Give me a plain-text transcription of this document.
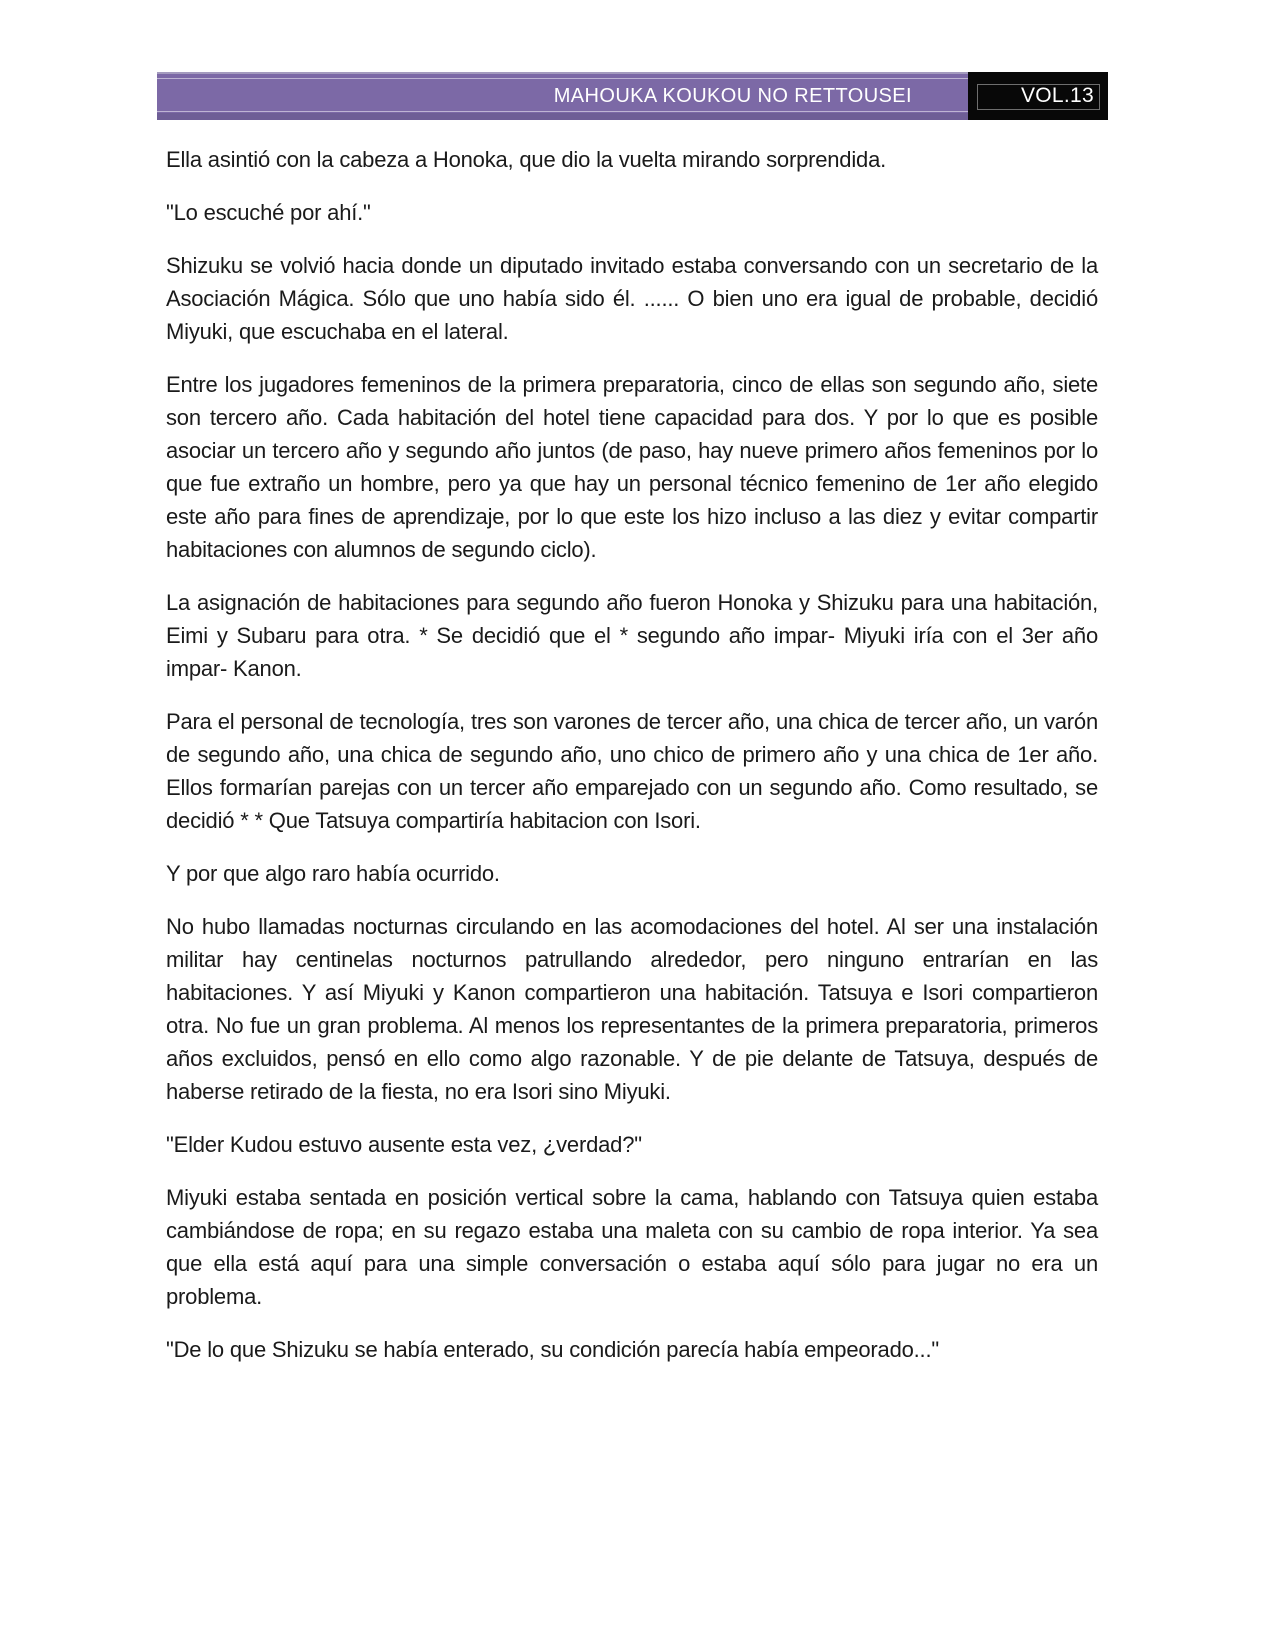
MAHOUKA KOUKOU NO RETTOUSEI	VOL.13

Ella asintió con la cabeza a Honoka, que dio la vuelta mirando sorprendida.

"Lo escuché por ahí."

Shizuku se volvió hacia donde un diputado invitado estaba conversando con un secretario de la Asociación Mágica. Sólo que uno había sido él. ...... O bien uno era igual de probable, decidió Miyuki, que escuchaba en el lateral.

Entre los jugadores femeninos de la primera preparatoria, cinco de ellas son segundo año, siete son tercero año. Cada habitación del hotel tiene capacidad para dos. Y por lo que es posible asociar un tercero año y segundo año juntos (de paso, hay nueve primero años femeninos por lo que fue extraño un hombre, pero ya que hay un personal técnico femenino de 1er año elegido este año para fines de aprendizaje, por lo que este los hizo incluso a las diez y evitar compartir habitaciones con alumnos de segundo ciclo).

La asignación de habitaciones para segundo año fueron Honoka y Shizuku para una habitación, Eimi y Subaru para otra. * Se decidió que el * segundo año impar- Miyuki iría con el 3er año impar- Kanon.

Para el personal de tecnología, tres son varones de tercer año, una chica de tercer año, un varón de segundo año, una chica de segundo año, uno chico de primero año y una chica de 1er año. Ellos formarían parejas con un tercer año emparejado con un segundo año. Como resultado, se decidió * * Que Tatsuya compartiría habitacion con Isori.

Y por que algo raro había ocurrido.

No hubo llamadas nocturnas circulando en las acomodaciones del hotel. Al ser una instalación militar hay centinelas nocturnos patrullando alrededor, pero ninguno entrarían en las habitaciones. Y así Miyuki y Kanon compartieron una habitación. Tatsuya e Isori compartieron otra. No fue un gran problema. Al menos los representantes de la primera preparatoria, primeros años excluidos, pensó en ello como algo razonable. Y de pie delante de Tatsuya, después de haberse retirado de la fiesta, no era Isori sino Miyuki.

"Elder Kudou estuvo ausente esta vez, ¿verdad?"

Miyuki estaba sentada en posición vertical sobre la cama, hablando con Tatsuya quien estaba cambiándose de ropa; en su regazo estaba una maleta con su cambio de ropa interior. Ya sea que ella está aquí para una simple conversación o estaba aquí sólo para jugar no era un problema.

"De lo que Shizuku se había enterado, su condición parecía había empeorado..."
